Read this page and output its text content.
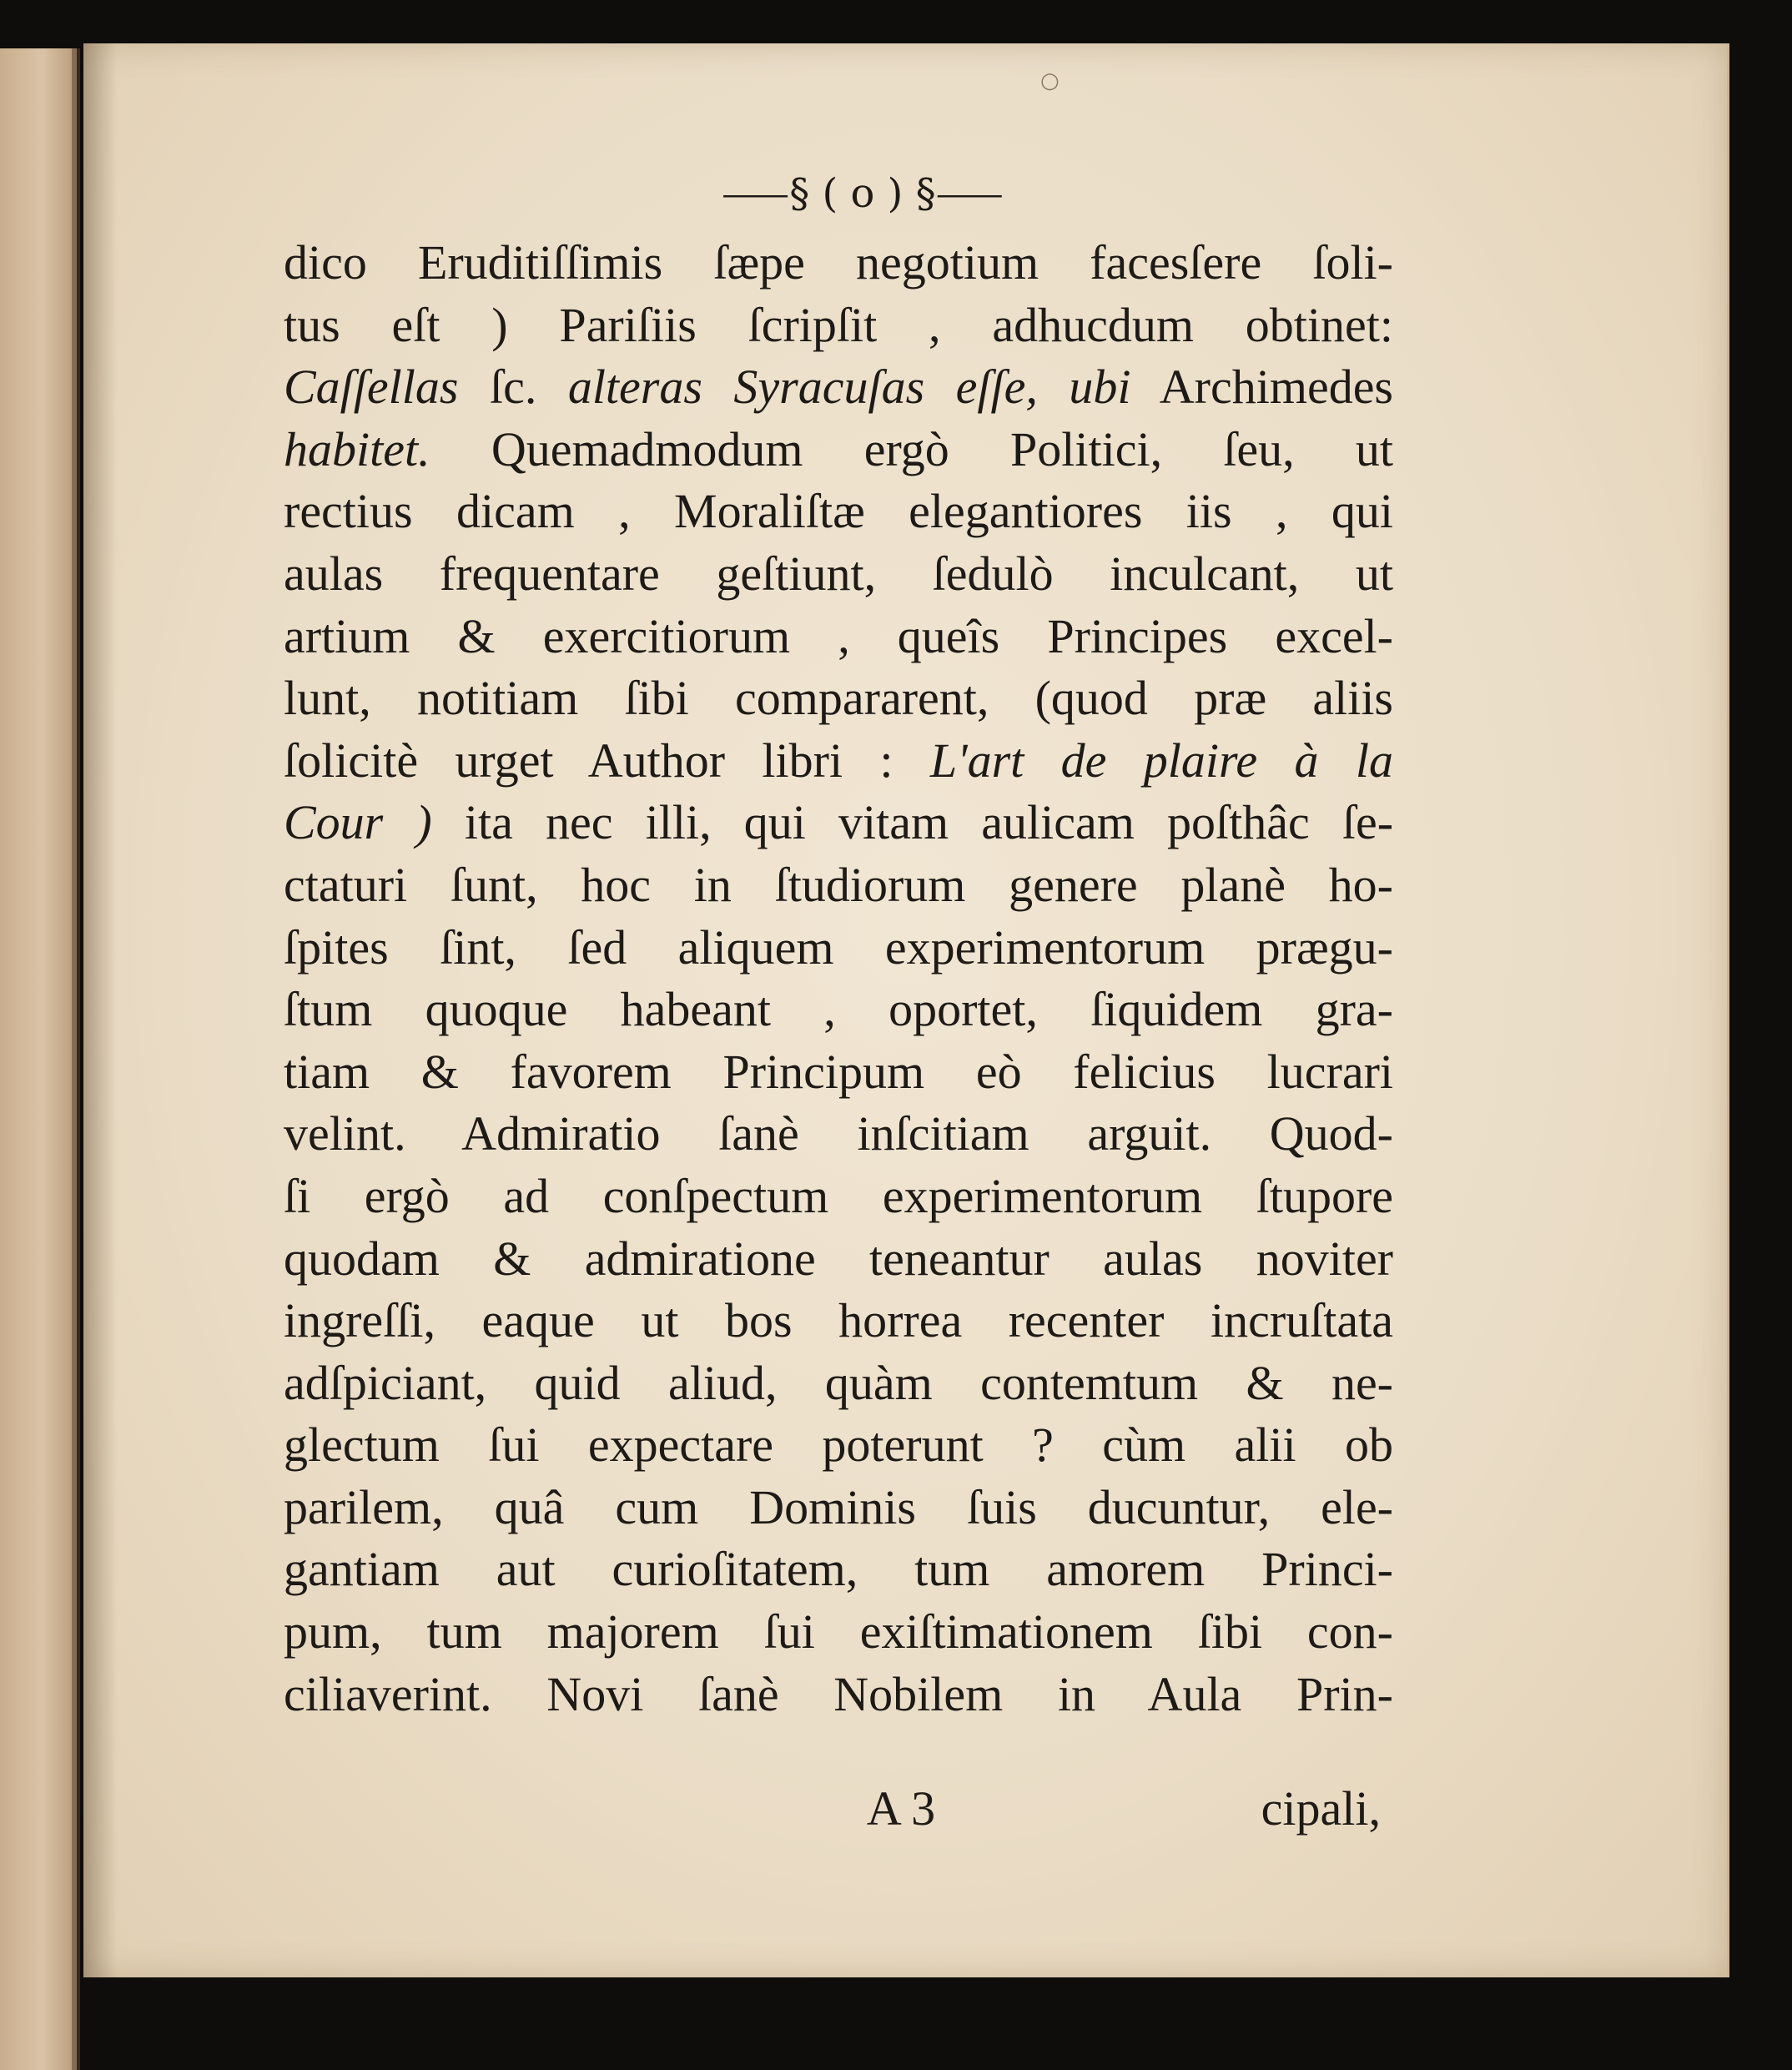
○
⸺§ ( o ) §⸺
dico Eruditiſſimis ſæpe negotium facesſere ſoli-
tus eſt ) Pariſiis ſcripſit , adhucdum obtinet:
Caſſellas ſc. alteras Syracuſas eſſe, ubi Archimedes
habitet. Quemadmodum ergò Politici, ſeu, ut
rectius dicam , Moraliſtæ elegantiores iis , qui
aulas frequentare geſtiunt, ſedulò inculcant, ut
artium & exercitiorum , queîs Principes excel-
lunt, notitiam ſibi compararent, (quod præ aliis
ſolicitè urget Author libri : L'art de plaire à la
Cour ) ita nec illi, qui vitam aulicam poſthâc ſe-
ctaturi ſunt, hoc in ſtudiorum genere planè ho-
ſpites ſint, ſed aliquem experimentorum prægu-
ſtum quoque habeant , oportet, ſiquidem gra-
tiam & favorem Principum eò felicius lucrari
velint. Admiratio ſanè inſcitiam arguit. Quod-
ſi ergò ad conſpectum experimentorum ſtupore
quodam & admiratione teneantur aulas noviter
ingreſſi, eaque ut bos horrea recenter incruſtata
adſpiciant, quid aliud, quàm contemtum & ne-
glectum ſui expectare poterunt ? cùm alii ob
parilem, quâ cum Dominis ſuis ducuntur, ele-
gantiam aut curioſitatem, tum amorem Princi-
pum, tum majorem ſui exiſtimationem ſibi con-
ciliaverint. Novi ſanè Nobilem in Aula Prin-
A 3	cipali,
